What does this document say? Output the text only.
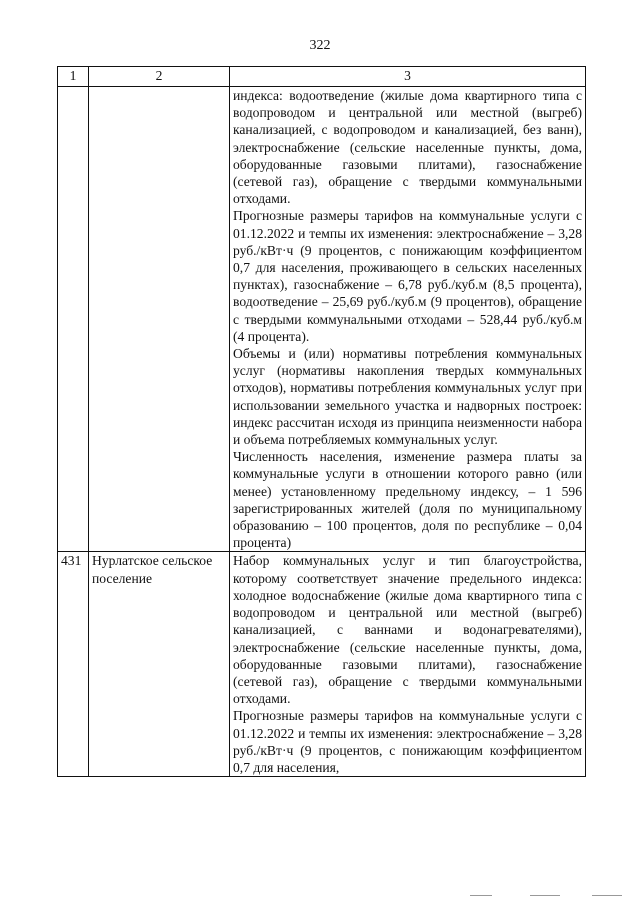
322
1	2	3

		индекса: водоотведение (жилые дома квартирного типа с водопроводом и центральной или местной (выгреб) канализацией, с водопроводом и канализацией, без ванн), электроснабжение (сельские населенные пункты, дома, оборудованные газовыми плитами), газоснабжение (сетевой газ), обращение с твердыми коммунальными отходами.

Прогнозные размеры тарифов на коммунальные услуги с 01.12.2022 и темпы их изменения: электроснабжение – 3,28 руб./кВт·ч (9 процентов, с понижающим коэффициентом 0,7 для населения, проживающего в сельских населенных пунктах), газоснабжение – 6,78 руб./куб.м (8,5 процента), водоотведение – 25,69 руб./куб.м (9 процентов), обращение с твердыми коммунальными отходами – 528,44 руб./куб.м (4 процента).

Объемы и (или) нормативы потребления коммунальных услуг (нормативы накопления твердых коммунальных отходов), нормативы потребления коммунальных услуг при использовании земельного участка и надворных построек: индекс рассчитан исходя из принципа неизменности набора и объема потребляемых коммунальных услуг.

Численность населения, изменение размера платы за коммунальные услуги в отношении которого равно (или менее) установленному предельному индексу, – 1 596 зарегистрированных жителей (доля по муниципальному образованию – 100 процентов, доля по республике – 0,04 процента)

431	Нурлатское сельское поселение	Набор коммунальных услуг и тип благоустройства, которому соответствует значение предельного индекса: холодное водоснабжение (жилые дома квартирного типа с водопроводом и центральной или местной (выгреб) канализацией, с ваннами и водонагревателями), электроснабжение (сельские населенные пункты, дома, оборудованные газовыми плитами), газоснабжение (сетевой газ), обращение с твердыми коммунальными отходами.

Прогнозные размеры тарифов на коммунальные услуги с 01.12.2022 и темпы их изменения: электроснабжение – 3,28 руб./кВт·ч (9 процентов, с понижающим коэффициентом 0,7 для населения,
